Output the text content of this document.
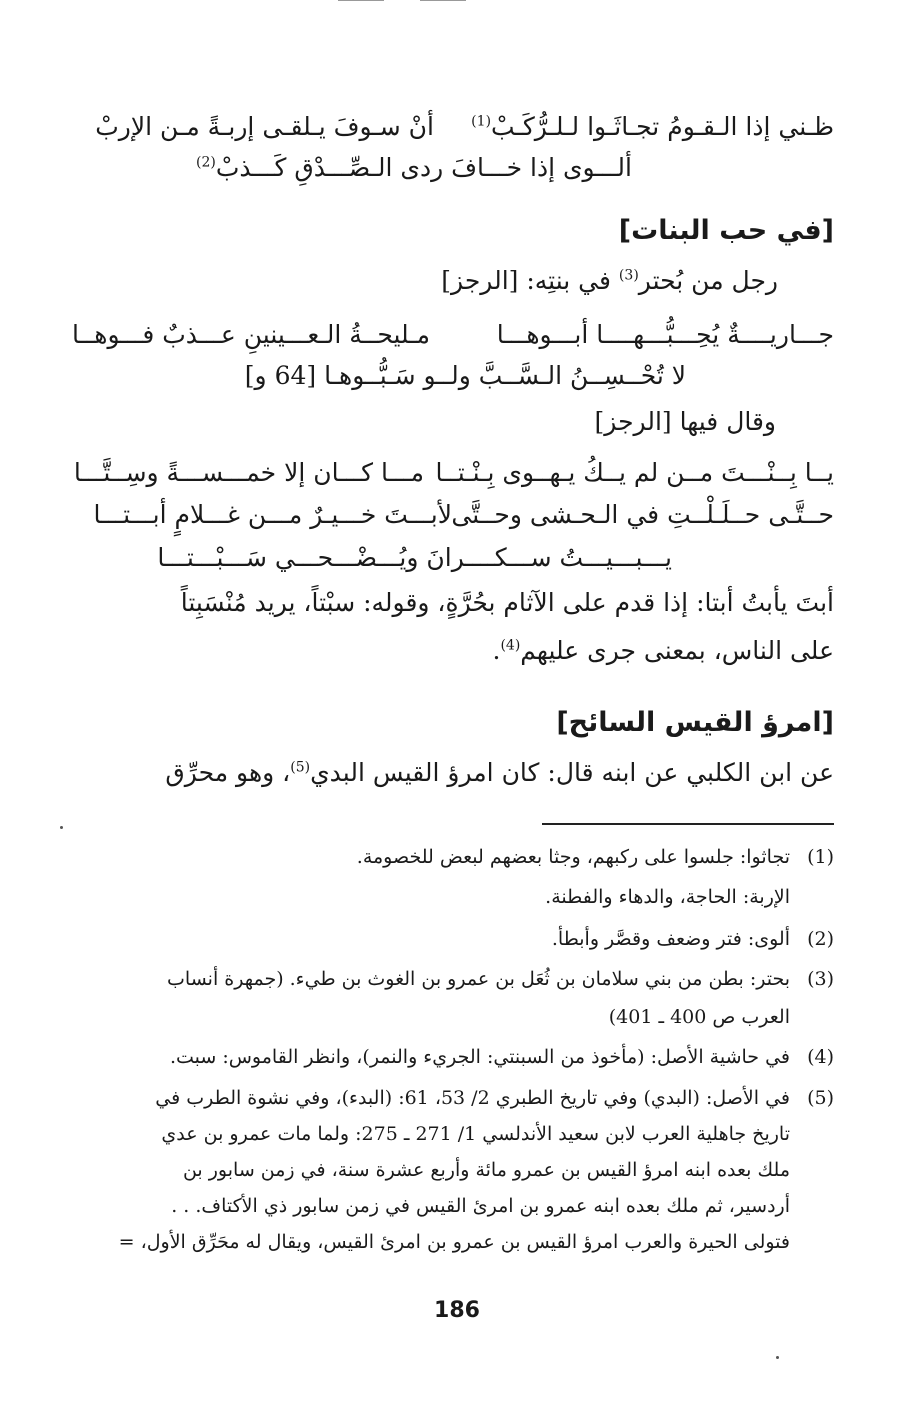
ظـني إذا الـقـومُ تجـاثَـوا لـلـرُّكَـبْ$^{(1)}$
أنْ سـوفَ يـلقـى إربـةً مـن الإربْ
ألـــوى إذا خـــافَ ردى الـصِّـــدْقِ كَـــذبْ$^{(2)}$
[في حب البنات]
رجل من بُحتر$^{(3)}$ في بنتِه: [الرجز]
جـــاريــــةٌ يُحِـــبُّـــهــــا أبـــوهـــا
مـليحــةُ الـعـــينينِ عـــذبٌ فـــوهــا
لا تُحْــسِــنُ الـسَّــبَّ ولــو سَـبُّــوهـا [64 و]
وقال فيها [الرجز]
يــا بِــنْـــتَ مــن لم يــكُ يـهــوى بِـنْـتــا
مـــا كـــان إلا خمـــســـةً وسِــتَّـــا
حــتَّـى حــلَـلْــتِ في الـحـشى وحــتَّى
لأبـــتَ خـــيـرٌ مـــن غـــلامٍ أبـــتـــا
يـــبـــيـــتُ ســـكــــرانَ ويُـــضْـــحـــي سَـــبْـــتـــا
أبتَ يأبتُ أبتا: إذا قدم على الآثام بحُرَّةٍ، وقوله: سبْتاً، يريد مُنْسَبِتاً
على الناس، بمعنى جرى عليهم$^{(4)}$.
[امرؤ القيس السائح]
عن ابن الكلبي عن ابنه قال: كان امرؤ القيس البدي$^{(5)}$، وهو محرِّق
(1)
تجاثوا: جلسوا على ركبهم، وجثا بعضهم لبعض للخصومة.
الإربة: الحاجة، والدهاء والفطنة.
(2)
ألوى: فتر وضعف وقصَّر وأبطأ.
(3)
بحتر: بطن من بني سلامان بن ثُعَل بن عمرو بن الغوث بن طيء. (جمهرة أنساب
العرب ص 400 ـ 401)
(4)
في حاشية الأصل: (مأخوذ من السبنتي: الجريء والنمر)، وانظر القاموس: سبت.
(5)
في الأصل: (البدي) وفي تاريخ الطبري 2/ 53، 61: (البدء)، وفي نشوة الطرب في
تاريخ جاهلية العرب لابن سعيد الأندلسي 1/ 271 ـ 275: ولما مات عمرو بن عدي
ملك بعده ابنه امرؤ القيس بن عمرو مائة وأربع عشرة سنة، في زمن سابور بن
أردسير، ثم ملك بعده ابنه عمرو بن امرئ القيس في زمن سابور ذي الأكتاف. . .
فتولى الحيرة والعرب امرؤ القيس بن عمرو بن امرئ القيس، ويقال له محَرِّق الأول، =
186
